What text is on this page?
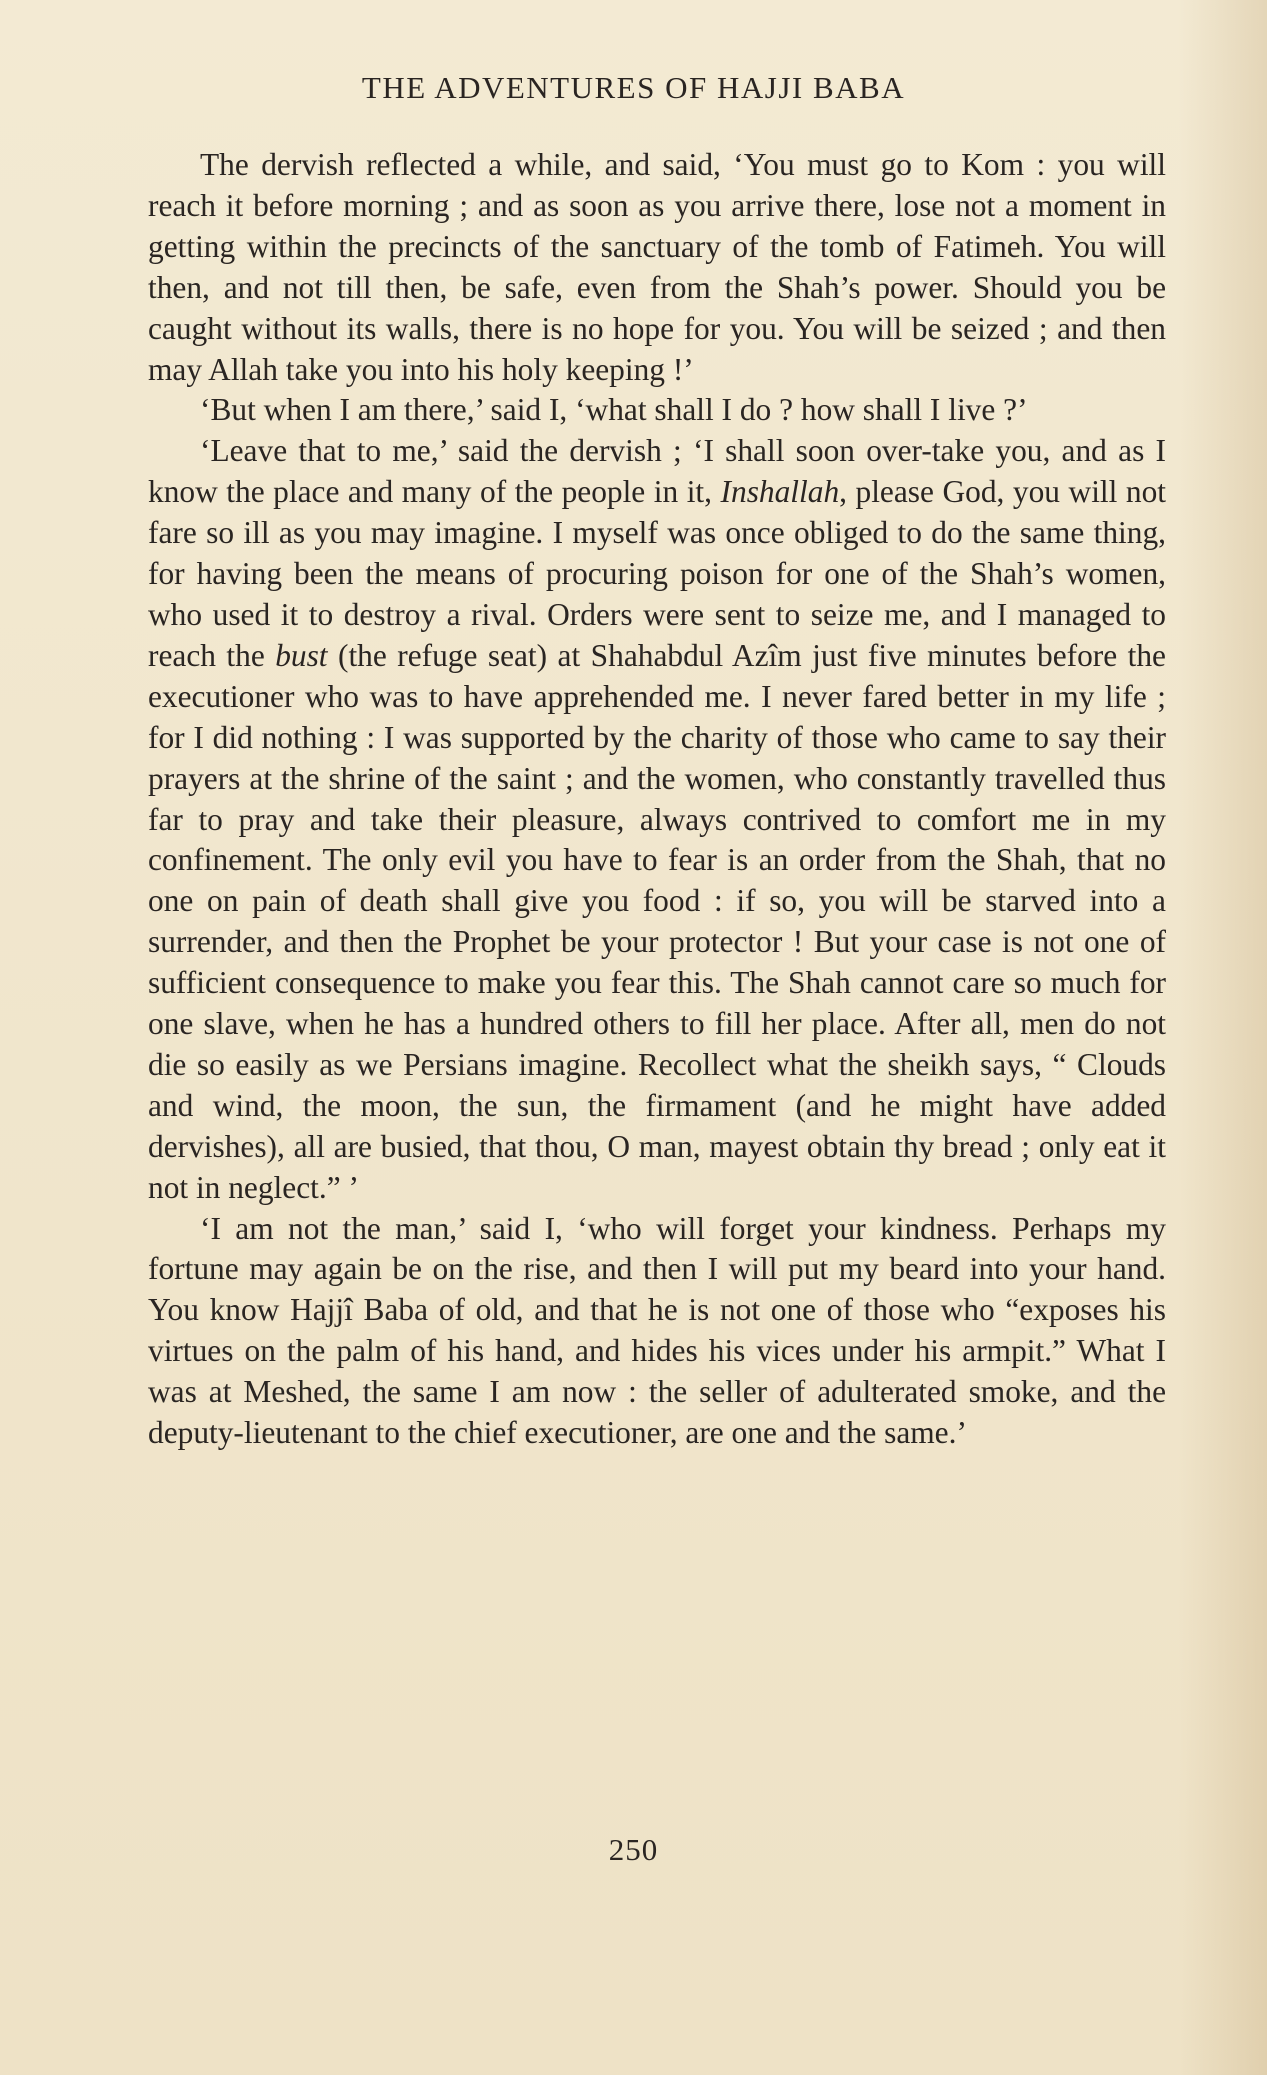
THE ADVENTURES OF HAJJI BABA

The dervish reflected a while, and said, ‘You must go to Kom : you will reach it before morning ; and as soon as you arrive there, lose not a moment in getting within the precincts of the sanctuary of the tomb of Fatimeh. You will then, and not till then, be safe, even from the Shah’s power. Should you be caught without its walls, there is no hope for you. You will be seized ; and then may Allah take you into his holy keeping !’

‘But when I am there,’ said I, ‘what shall I do ? how shall I live ?’

‘Leave that to me,’ said the dervish ; ‘I shall soon over-take you, and as I know the place and many of the people in it, Inshallah, please God, you will not fare so ill as you may imagine. I myself was once obliged to do the same thing, for having been the means of procuring poison for one of the Shah’s women, who used it to destroy a rival. Orders were sent to seize me, and I managed to reach the bust (the refuge seat) at Shahabdul Azîm just five minutes before the executioner who was to have apprehended me. I never fared better in my life ; for I did nothing : I was supported by the charity of those who came to say their prayers at the shrine of the saint ; and the women, who constantly travelled thus far to pray and take their pleasure, always contrived to comfort me in my confinement. The only evil you have to fear is an order from the Shah, that no one on pain of death shall give you food : if so, you will be starved into a surrender, and then the Prophet be your protector ! But your case is not one of sufficient consequence to make you fear this. The Shah cannot care so much for one slave, when he has a hundred others to fill her place. After all, men do not die so easily as we Persians imagine. Recollect what the sheikh says, “ Clouds and wind, the moon, the sun, the firmament (and he might have added dervishes), all are busied, that thou, O man, mayest obtain thy bread ; only eat it not in neglect.” ’

‘I am not the man,’ said I, ‘who will forget your kindness. Perhaps my fortune may again be on the rise, and then I will put my beard into your hand. You know Hajjî Baba of old, and that he is not one of those who “exposes his virtues on the palm of his hand, and hides his vices under his armpit.” What I was at Meshed, the same I am now : the seller of adulterated smoke, and the deputy-lieutenant to the chief executioner, are one and the same.’

250
